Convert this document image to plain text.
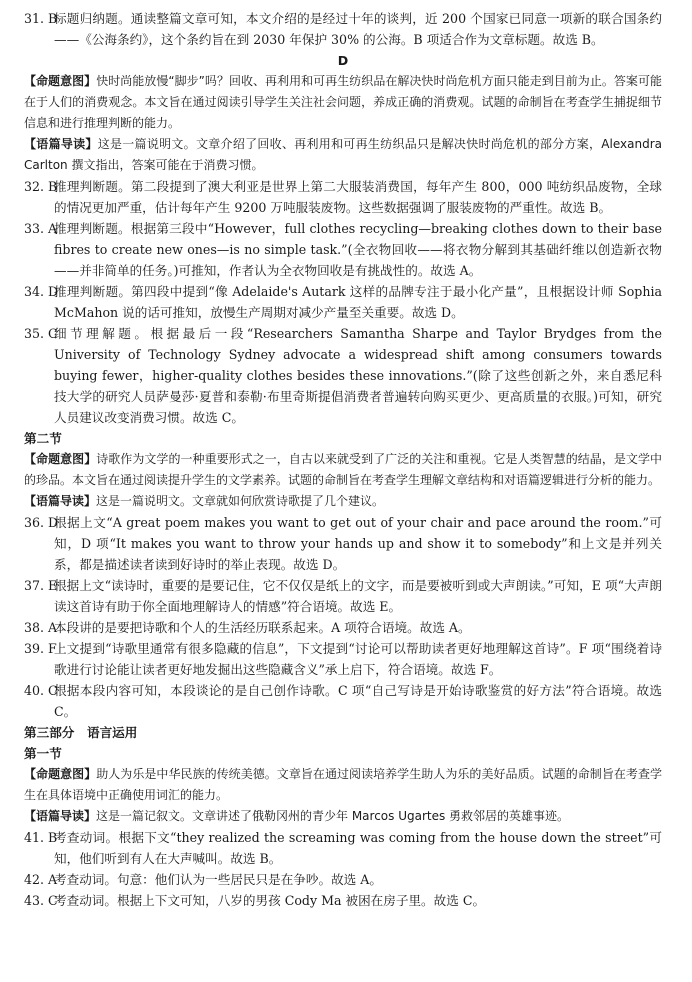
31. B
标题归纳题。通读整篇文章可知，本文介绍的是经过十年的谈判，近 200 个国家已同意一项新的联合国条约——《公海条约》，这个条约旨在到 2030 年保护 30% 的公海。B 项适合作为文章标题。故选 B。
D
【命题意图】快时尚能放慢“脚步”吗？回收、再利用和可再生纺织品在解决快时尚危机方面只能走到目前为止。答案可能在于人们的消费观念。本文旨在通过阅读引导学生关注社会问题，养成正确的消费观。试题的命制旨在考查学生捕捉细节信息和进行推理判断的能力。
【语篇导读】这是一篇说明文。文章介绍了回收、再利用和可再生纺织品只是解决快时尚危机的部分方案，Alexandra Carlton 撰文指出，答案可能在于消费习惯。
32. B
推理判断题。第二段提到了澳大利亚是世界上第二大服装消费国，每年产生 800，000 吨纺织品废物，全球的情况更加严重，估计每年产生 9200 万吨服装废物。这些数据强调了服装废物的严重性。故选 B。
33. A
推理判断题。根据第三段中“However，full clothes recycling—breaking clothes down to their base fibres to create new ones—is no simple task.”(全衣物回收——将衣物分解到其基础纤维以创造新衣物——并非简单的任务。)可推知，作者认为全衣物回收是有挑战性的。故选 A。
34. D
推理判断题。第四段中提到“像 Adelaide's Autark 这样的品牌专注于最小化产量”，且根据设计师 Sophia McMahon 说的话可推知，放慢生产周期对减少产量至关重要。故选 D。
35. C
细节理解题。根据最后一段“Researchers Samantha Sharpe and Taylor Brydges from the University of Technology Sydney advocate a widespread shift among consumers towards buying fewer，higher-quality clothes besides these innovations.”(除了这些创新之外，来自悉尼科技大学的研究人员萨曼莎·夏普和泰勒·布里奇斯提倡消费者普遍转向购买更少、更高质量的衣服。)可知，研究人员建议改变消费习惯。故选 C。
第二节
【命题意图】诗歌作为文学的一种重要形式之一，自古以来就受到了广泛的关注和重视。它是人类智慧的结晶，是文学中的珍品。本文旨在通过阅读提升学生的文学素养。试题的命制旨在考查学生理解文章结构和对语篇逻辑进行分析的能力。
【语篇导读】这是一篇说明文。文章就如何欣赏诗歌提了几个建议。
36. D
根据上文“A great poem makes you want to get out of your chair and pace around the room.”可知，D 项“It makes you want to throw your hands up and show it to somebody”和上文是并列关系，都是描述读者读到好诗时的举止表现。故选 D。
37. E
根据上文“读诗时，重要的是要记住，它不仅仅是纸上的文字，而是要被听到或大声朗读。”可知，E 项“大声朗读这首诗有助于你全面地理解诗人的情感”符合语境。故选 E。
38. A
本段讲的是要把诗歌和个人的生活经历联系起来。A 项符合语境。故选 A。
39. F
上文提到“诗歌里通常有很多隐藏的信息”，下文提到“讨论可以帮助读者更好地理解这首诗”。F 项“围绕着诗歌进行讨论能让读者更好地发掘出这些隐藏含义”承上启下，符合语境。故选 F。
40. C
根据本段内容可知，本段谈论的是自己创作诗歌。C 项“自己写诗是开始诗歌鉴赏的好方法”符合语境。故选 C。
第三部分　语言运用
第一节
【命题意图】助人为乐是中华民族的传统美德。文章旨在通过阅读培养学生助人为乐的美好品质。试题的命制旨在考查学生在具体语境中正确使用词汇的能力。
【语篇导读】这是一篇记叙文。文章讲述了俄勒冈州的青少年 Marcos Ugartes 勇救邻居的英雄事迹。
41. B
考查动词。根据下文“they realized the screaming was coming from the house down the street”可知，他们听到有人在大声喊叫。故选 B。
42. A
考查动词。句意：他们认为一些居民只是在争吵。故选 A。
43. C
考查动词。根据上下文可知，八岁的男孩 Cody Ma 被困在房子里。故选 C。
